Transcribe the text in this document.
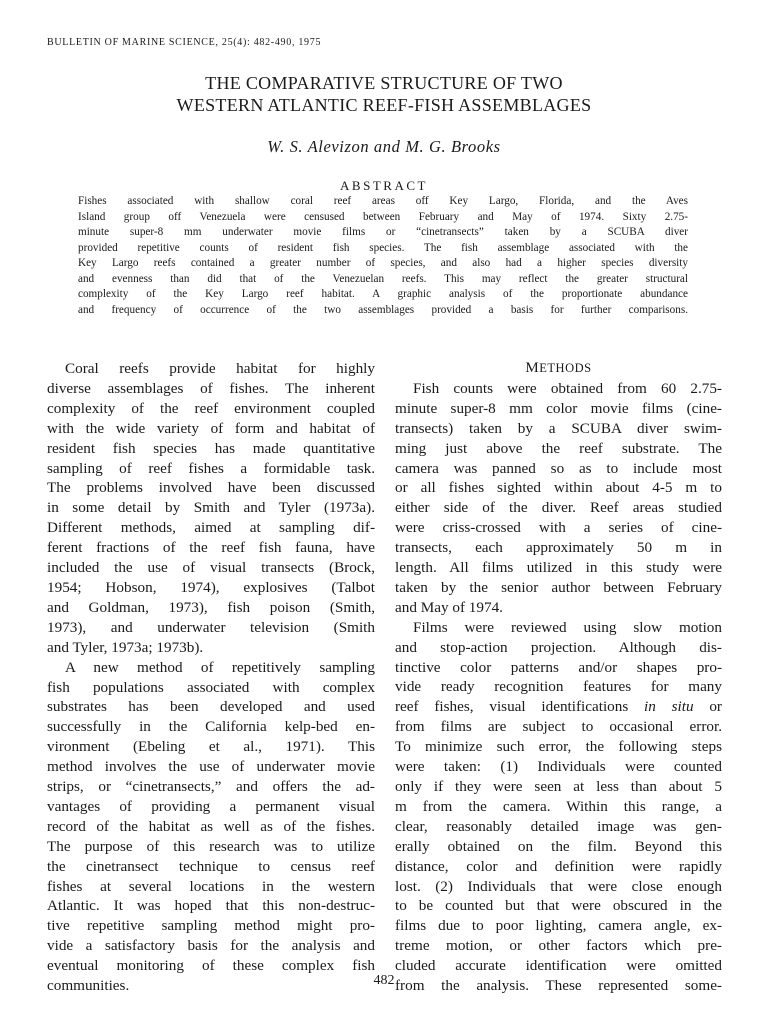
BULLETIN OF MARINE SCIENCE, 25(4): 482-490, 1975
THE COMPARATIVE STRUCTURE OF TWO
WESTERN ATLANTIC REEF-FISH ASSEMBLAGES
W. S. Alevizon and M. G. Brooks
ABSTRACT
Fishes associated with shallow coral reef areas off Key Largo, Florida, and the Aves
Island group off Venezuela were censused between February and May of 1974. Sixty 2.75-
minute super-8 mm underwater movie films or “cinetransects” taken by a SCUBA diver
provided repetitive counts of resident fish species. The fish assemblage associated with the
Key Largo reefs contained a greater number of species, and also had a higher species diversity
and evenness than did that of the Venezuelan reefs. This may reflect the greater structural
complexity of the Key Largo reef habitat. A graphic analysis of the proportionate abundance
and frequency of occurrence of the two assemblages provided a basis for further comparisons.
Coral reefs provide habitat for highly
diverse assemblages of fishes. The inherent
complexity of the reef environment coupled
with the wide variety of form and habitat of
resident fish species has made quantitative
sampling of reef fishes a formidable task.
The problems involved have been discussed
in some detail by Smith and Tyler (1973a).
Different methods, aimed at sampling dif-
ferent fractions of the reef fish fauna, have
included the use of visual transects (Brock,
1954; Hobson, 1974), explosives (Talbot
and Goldman, 1973), fish poison (Smith,
1973), and underwater television (Smith
and Tyler, 1973a; 1973b).
A new method of repetitively sampling
fish populations associated with complex
substrates has been developed and used
successfully in the California kelp-bed en-
vironment (Ebeling et al., 1971). This
method involves the use of underwater movie
strips, or “cinetransects,” and offers the ad-
vantages of providing a permanent visual
record of the habitat as well as of the fishes.
The purpose of this research was to utilize
the cinetransect technique to census reef
fishes at several locations in the western
Atlantic. It was hoped that this non-destruc-
tive repetitive sampling method might pro-
vide a satisfactory basis for the analysis and
eventual monitoring of these complex fish
communities.
METHODS
Fish counts were obtained from 60 2.75-
minute super-8 mm color movie films (cine-
transects) taken by a SCUBA diver swim-
ming just above the reef substrate. The
camera was panned so as to include most
or all fishes sighted within about 4-5 m to
either side of the diver. Reef areas studied
were criss-crossed with a series of cine-
transects, each approximately 50 m in
length. All films utilized in this study were
taken by the senior author between February
and May of 1974.
Films were reviewed using slow motion
and stop-action projection. Although dis-
tinctive color patterns and/or shapes pro-
vide ready recognition features for many
reef fishes, visual identifications in situ or
from films are subject to occasional error.
To minimize such error, the following steps
were taken: (1) Individuals were counted
only if they were seen at less than about 5
m from the camera. Within this range, a
clear, reasonably detailed image was gen-
erally obtained on the film. Beyond this
distance, color and definition were rapidly
lost. (2) Individuals that were close enough
to be counted but that were obscured in the
films due to poor lighting, camera angle, ex-
treme motion, or other factors which pre-
cluded accurate identification were omitted
from the analysis. These represented some-
482
